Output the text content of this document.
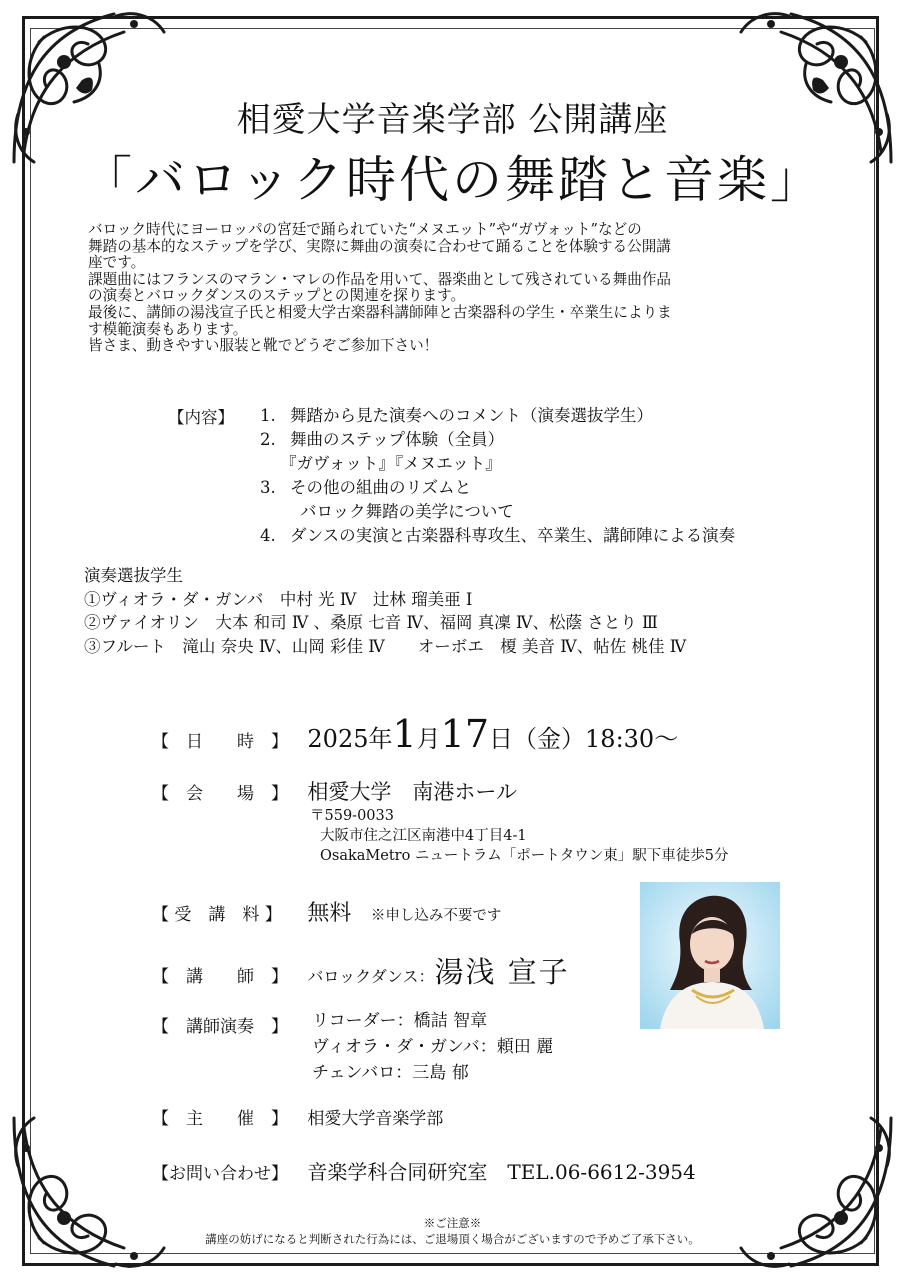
相愛大学音楽学部 公開講座
「バロック時代の舞踏と音楽」

バロック時代にヨーロッパの宮廷で踊られていた“メヌエット”や“ガヴォット”などの

舞踏の基本的なステップを学び、実際に舞曲の演奏に合わせて踊ることを体験する公開講

座です。

課題曲にはフランスのマラン・マレの作品を用いて、器楽曲として残されている舞曲作品

の演奏とバロックダンスのステップとの関連を探ります。

最後に、講師の湯浅宣子氏と相愛大学古楽器科講師陣と古楽器科の学生・卒業生によりま

す模範演奏もあります。

皆さま、動きやすい服装と靴でどうぞご参加下さい！

【内容】 1. 舞踏から見た演奏へのコメント（演奏選抜学生）
2. 舞曲のステップ体験（全員）
『ガヴォット』『メヌエット』
3. その他の組曲のリズムと
バロック舞踏の美学について
4. ダンスの実演と古楽器科専攻生、卒業生、講師陣による演奏
演奏選抜学生
①ヴィオラ・ダ・ガンバ　中村 光 Ⅳ　辻林 瑠美亜 Ⅰ
②ヴァイオリン　大本 和司 Ⅳ 、桑原 七音 Ⅳ、福岡 真凜 Ⅳ、松蔭 さとり Ⅲ
③フルート　滝山 奈央 Ⅳ、山岡 彩佳 Ⅳ　　オーボエ　榎 美音 Ⅳ、帖佐 桃佳 Ⅳ
【　日　　時　】 2025年1月17日（金）18:30～
【　会　　場　】 相愛大学　南港ホール
〒559-0033
大阪市住之江区南港中4丁目4-1
OsakaMetro ニュートラム「ポートタウン東」駅下車徒歩5分
【 受　講　料 】 無料 ※申し込み不要です
【　講　　師　】 バロックダンス：湯浅 宣子
【　講師演奏　】	リコーダー：橋詰 智章
ヴィオラ・ダ・ガンバ：頼田 麗
チェンバロ：三島 郁
【　主　　催　】 相愛大学音楽学部
【お問い合わせ】 音楽学科合同研究室　TEL.06-6612-3954
※ご注意※
講座の妨げになると判断された行為には、ご退場頂く場合がございますので予めご了承下さい。
